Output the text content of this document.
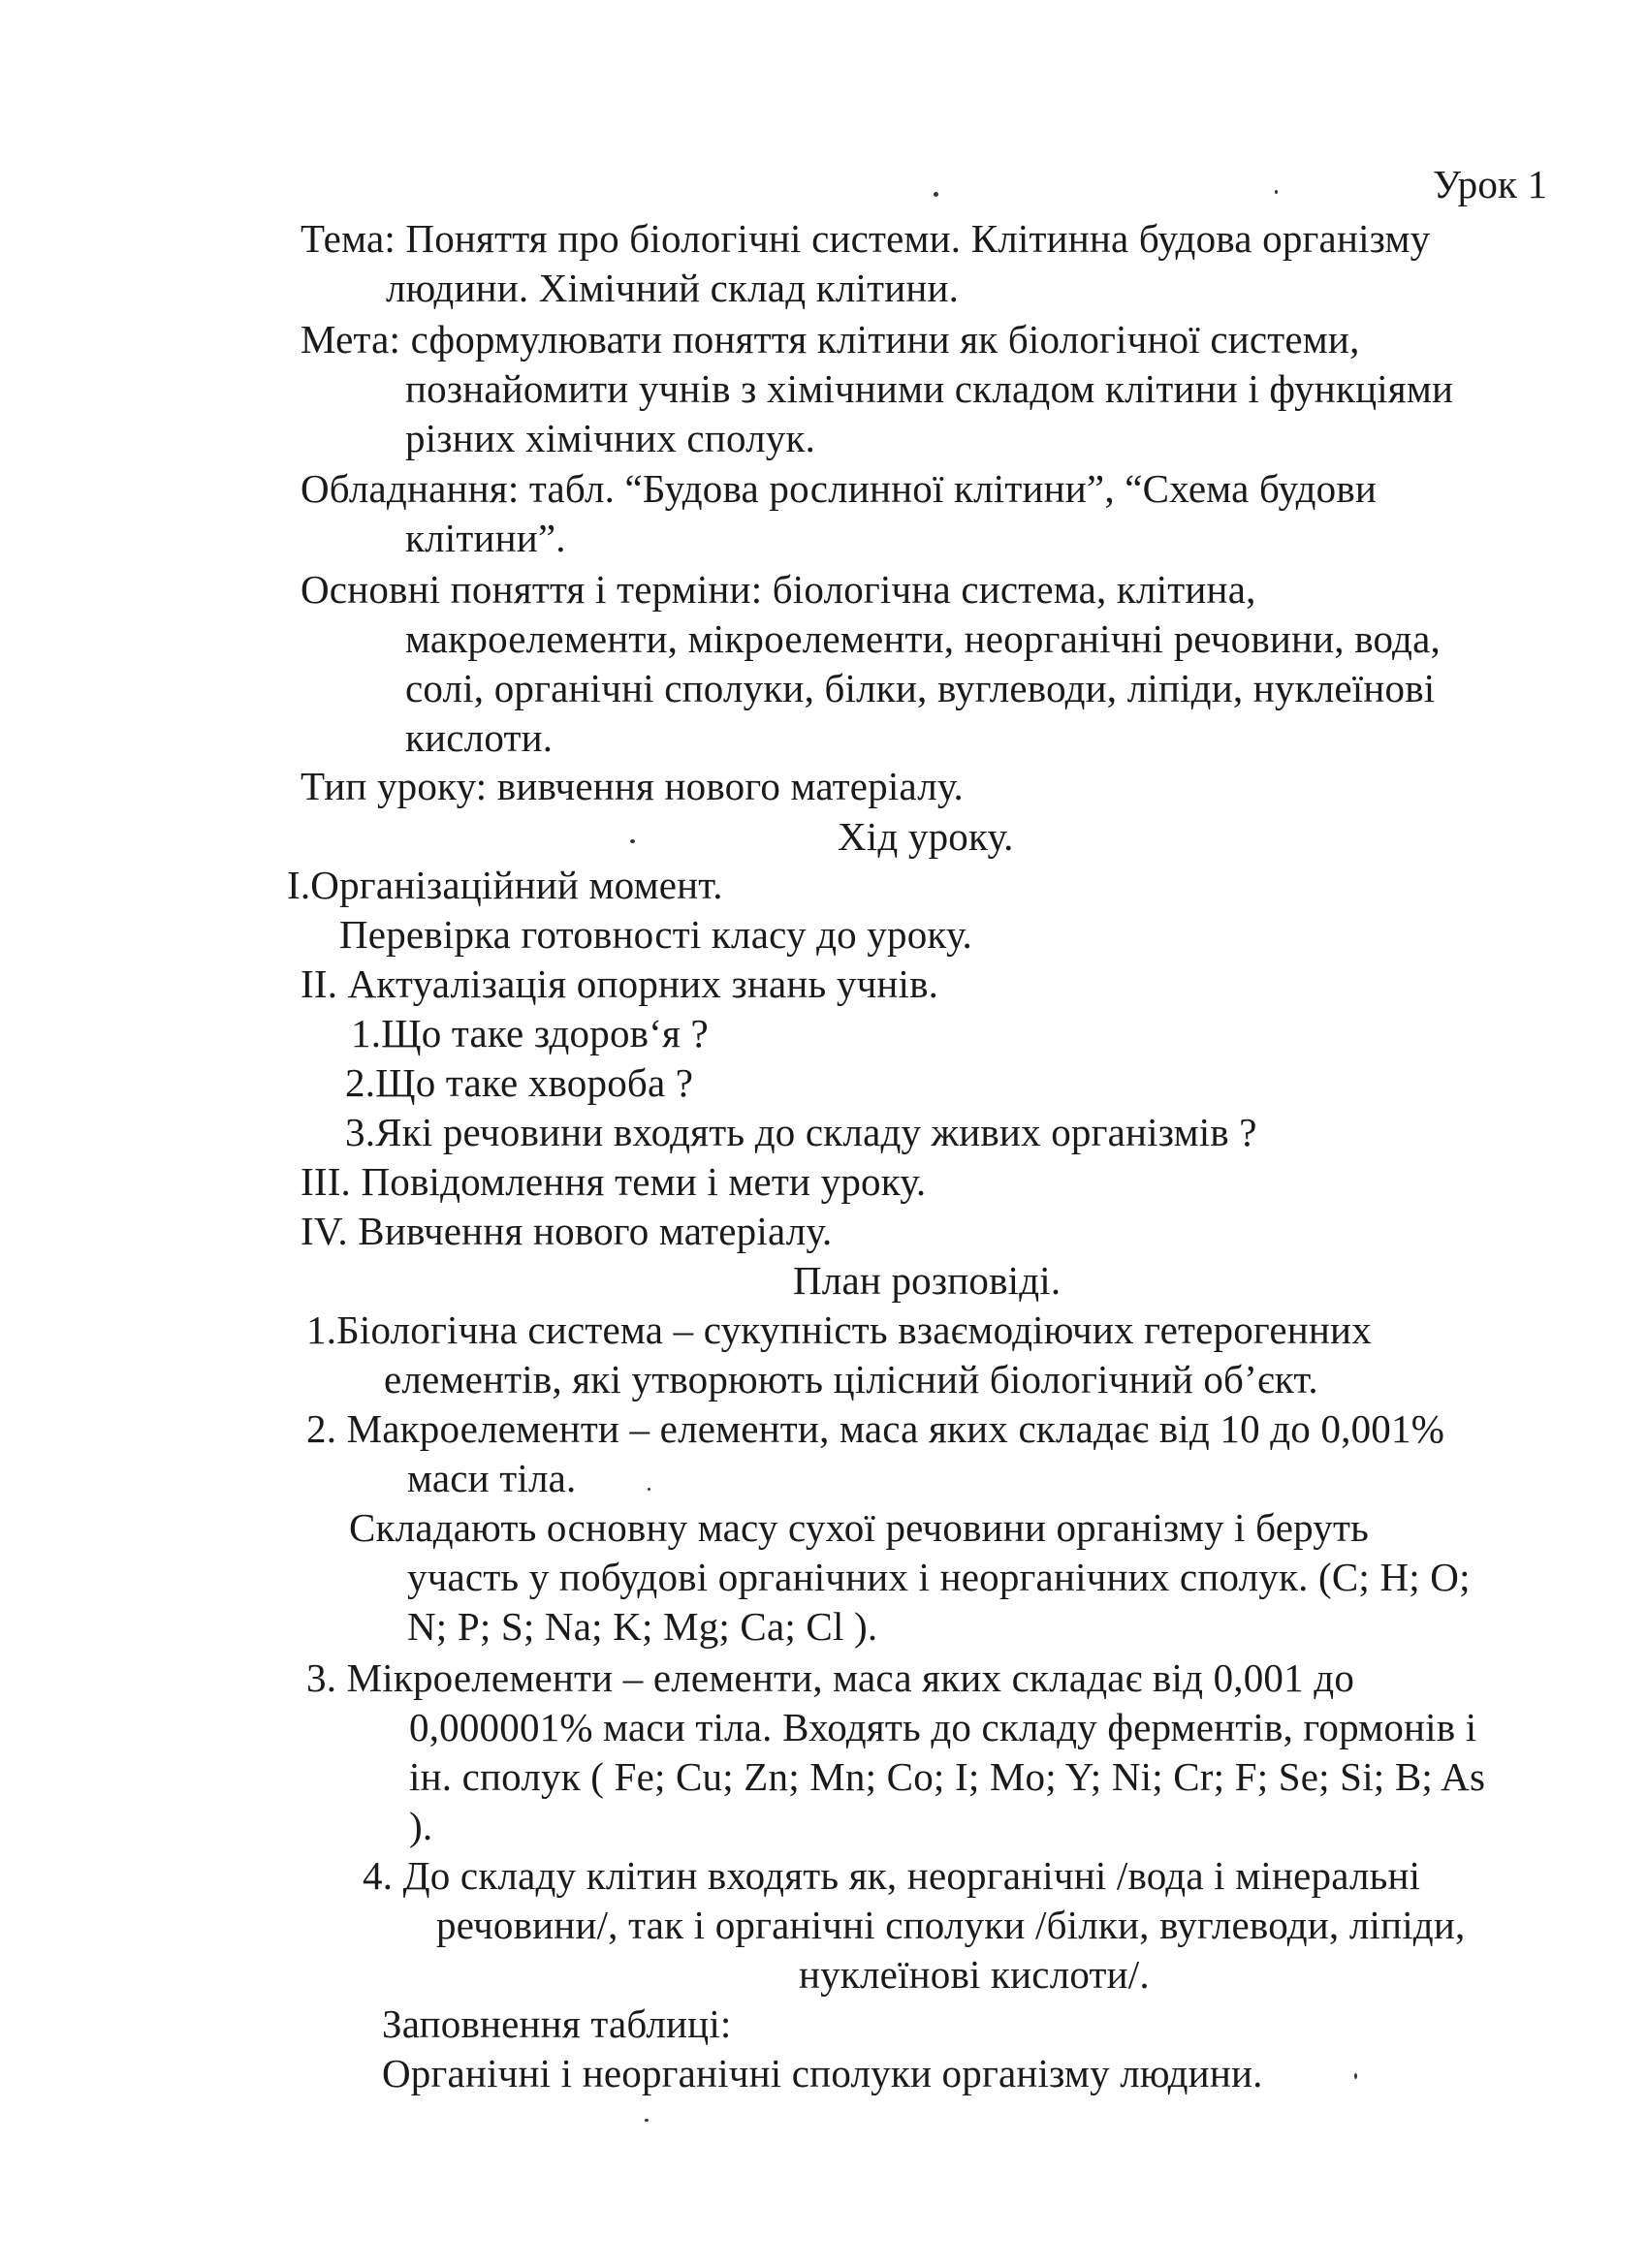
Урок 1
Тема: Поняття про біологічні системи. Клітинна будова організму
людини. Хімічний склад клітини.
Мета: сформулювати поняття клітини як біологічної системи,
познайомити учнів з хімічними складом клітини і функціями
різних хімічних сполук.
Обладнання: табл. “Будова рослинної клітини”, “Схема будови
клітини”.
Основні поняття і терміни: біологічна система, клітина,
макроелементи, мікроелементи, неорганічні речовини, вода,
солі, органічні сполуки, білки, вуглеводи, ліпіди, нуклеїнові
кислоти.
Тип уроку: вивчення нового матеріалу.
Хід уроку.
І.Організаційний момент.
Перевірка готовності класу до уроку.
ІІ. Актуалізація опорних знань учнів.
1.Що таке здоров‘я ?
2.Що таке хвороба ?
3.Які речовини входять до складу живих організмів ?
ІІІ. Повідомлення теми і мети уроку.
ІV. Вивчення нового матеріалу.
План розповіді.
1.Біологічна система – сукупність взаємодіючих гетерогенних
елементів, які утворюють цілісний біологічний об’єкт.
2. Макроелементи – елементи, маса яких складає від 10 до 0,001%
маси тіла.
Складають основну масу сухої речовини організму і беруть
участь у побудові органічних і неорганічних сполук. (C; H; O;
N; P; S; Na; K; Mg; Ca; Cl ).
3. Мікроелементи – елементи, маса яких складає від 0,001 до
0,000001% маси тіла. Входять до складу ферментів, гормонів і
ін. сполук ( Fe; Cu; Zn; Mn; Co; I; Mo; Y; Ni; Cr; F; Se; Si; B; As
).
4. До складу клітин входять як, неорганічні /вода і мінеральні
речовини/, так і органічні сполуки /білки, вуглеводи, ліпіди,
нуклеїнові кислоти/.
Заповнення таблиці:
Органічні і неорганічні сполуки організму людини.
